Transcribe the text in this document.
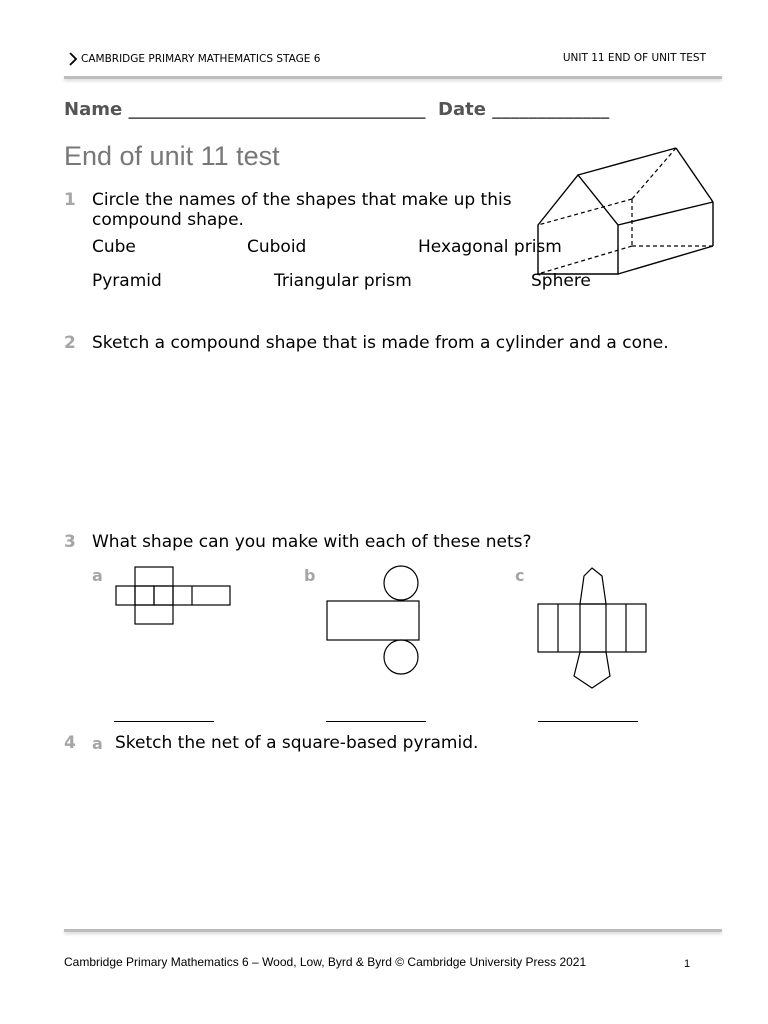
CAMBRIDGE PRIMARY MATHEMATICS STAGE 6	UNIT 11 END OF UNIT TEST
Name _________________________________ Date _____________
End of unit 11 test
1 Circle the names of the shapes that make up this
compound shape.
Cube	Cuboid	Hexagonal prism
Pyramid	Triangular prism	Sphere
2 Sketch a compound shape that is made from a cylinder and a cone.
3 What shape can you make with each of these nets?
a	b	c
4 a Sketch the net of a square-based pyramid.
Cambridge Primary Mathematics 6 – Wood, Low, Byrd & Byrd © Cambridge University Press 2021	1
